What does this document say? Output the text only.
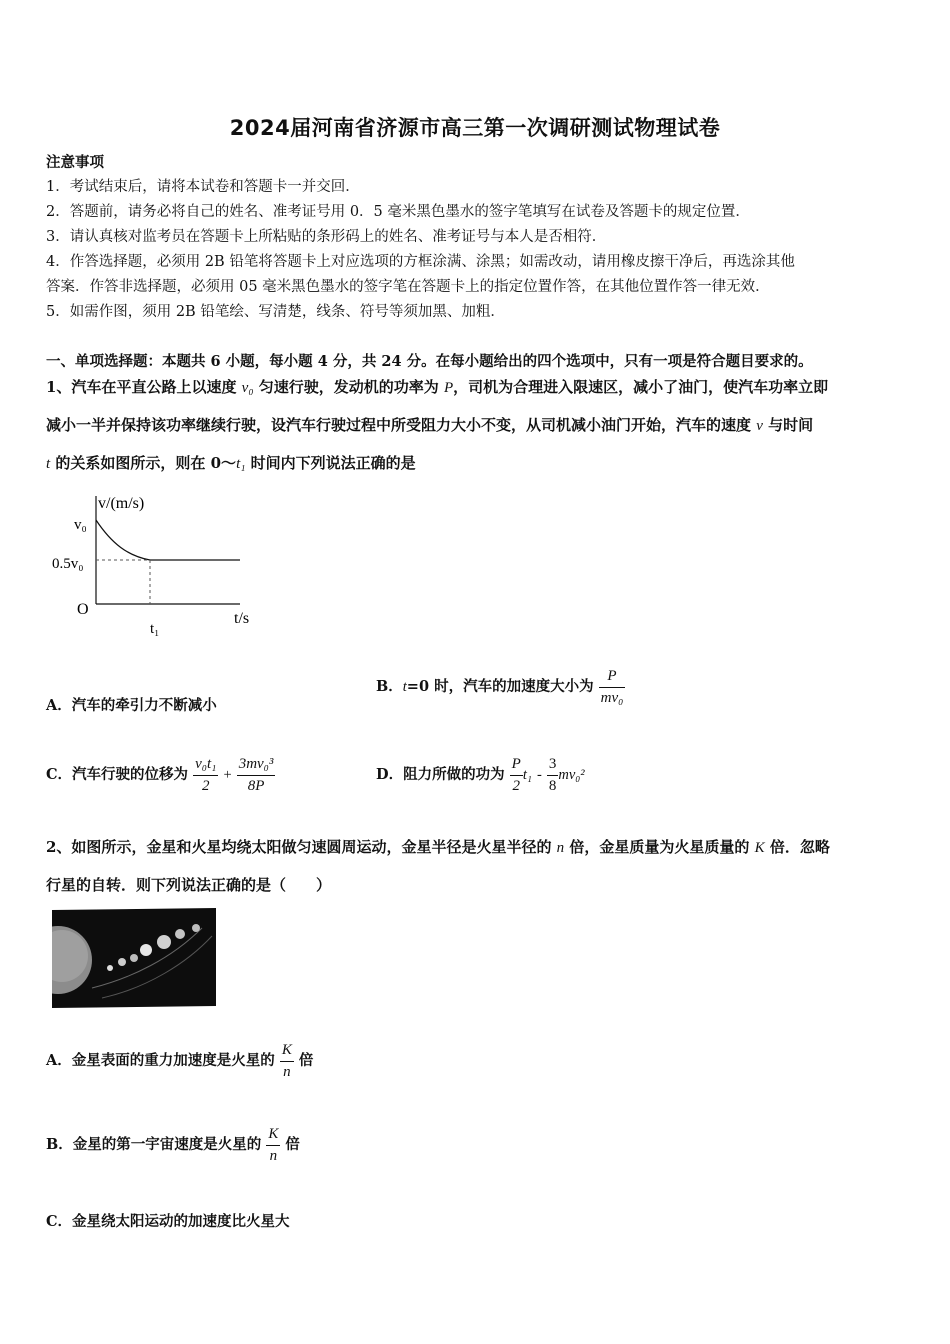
2024届河南省济源市高三第一次调研测试物理试卷
注意事项
1．考试结束后，请将本试卷和答题卡一并交回．
2．答题前，请务必将自己的姓名、准考证号用 0．5 毫米黑色墨水的签字笔填写在试卷及答题卡的规定位置．
3．请认真核对监考员在答题卡上所粘贴的条形码上的姓名、准考证号与本人是否相符．
4．作答选择题，必须用 2B 铅笔将答题卡上对应选项的方框涂满、涂黑；如需改动，请用橡皮擦干净后，再选涂其他
答案．作答非选择题，必须用 05 毫米黑色墨水的签字笔在答题卡上的指定位置作答，在其他位置作答一律无效．
5．如需作图，须用 2B 铅笔绘、写清楚，线条、符号等须加黑、加粗．
一、单项选择题：本题共 6 小题，每小题 4 分，共 24 分。在每小题给出的四个选项中，只有一项是符合题目要求的。
1、汽车在平直公路上以速度 v₀ 匀速行驶，发动机的功率为 P，司机为合理进入限速区，减小了油门，使汽车功率立即
减小一半并保持该功率继续行驶，设汽车行驶过程中所受阻力大小不变，从司机减小油门开始，汽车的速度 v 与时间
t 的关系如图所示，则在 0～t₁ 时间内下列说法正确的是
v/(m/s)
t/s
O
v₀
0.5v₀
t₁
A．汽车的牵引力不断减小
B．t=0 时，汽车的加速度大小为 $\frac{P}{\text{mv₀}}$
C．汽车行驶的位移为 $\frac{\text{v₀t₁}}{2} + \frac{\text{3mv₀³}}{8P}$	D．阻力所做的功为 $\frac{P}{2} t_1 - \frac{3}{8} mv_0^2$
2、如图所示，金星和火星均绕太阳做匀速圆周运动，金星半径是火星半径的 n 倍，金星质量为火星质量的 K 倍．忽略
行星的自转．则下列说法正确的是（　　）
A．金星表面的重力加速度是火星的 $\frac{K}{n}$ 倍
B．金星的第一宇宙速度是火星的 $\frac{K}{n}$ 倍
C．金星绕太阳运动的加速度比火星大
